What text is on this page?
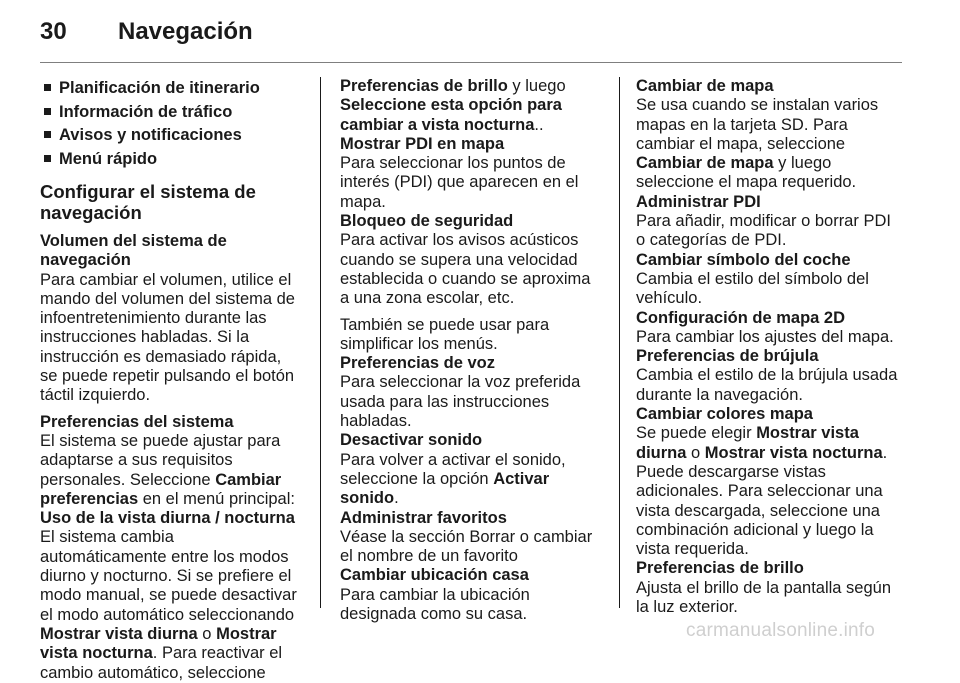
30 Navegación
Planificación de itinerario
Información de tráfico
Avisos y notificaciones
Menú rápido
Configurar el sistema de navegación
Volumen del sistema de navegación
Para cambiar el volumen, utilice el mando del volumen del sistema de infoentretenimiento durante las instrucciones habladas. Si la instrucción es demasiado rápida, se puede repetir pulsando el botón táctil izquierdo.
Preferencias del sistema
El sistema se puede ajustar para adaptarse a sus requisitos personales. Seleccione Cambiar preferencias en el menú principal:
Uso de la vista diurna / nocturna
El sistema cambia automáticamente entre los modos diurno y nocturno. Si se prefiere el modo manual, se puede desactivar el modo automático seleccionando Mostrar vista diurna o Mostrar vista nocturna. Para reactivar el cambio automático, seleccione
Preferencias de brillo y luego Seleccione esta opción para cambiar a vista nocturna..
Mostrar PDI en mapa
Para seleccionar los puntos de interés (PDI) que aparecen en el mapa.
Bloqueo de seguridad
Para activar los avisos acústicos cuando se supera una velocidad establecida o cuando se aproxima a una zona escolar, etc.
También se puede usar para simplificar los menús.
Preferencias de voz
Para seleccionar la voz preferida usada para las instrucciones habladas.
Desactivar sonido
Para volver a activar el sonido, seleccione la opción Activar sonido.
Administrar favoritos
Véase la sección Borrar o cambiar el nombre de un favorito
Cambiar ubicación casa
Para cambiar la ubicación designada como su casa.
Cambiar de mapa
Se usa cuando se instalan varios mapas en la tarjeta SD. Para cambiar el mapa, seleccione Cambiar de mapa y luego seleccione el mapa requerido.
Administrar PDI
Para añadir, modificar o borrar PDI o categorías de PDI.
Cambiar símbolo del coche
Cambia el estilo del símbolo del vehículo.
Configuración de mapa 2D
Para cambiar los ajustes del mapa.
Preferencias de brújula
Cambia el estilo de la brújula usada durante la navegación.
Cambiar colores mapa
Se puede elegir Mostrar vista diurna o Mostrar vista nocturna. Puede descargarse vistas adicionales. Para seleccionar una vista descargada, seleccione una combinación adicional y luego la vista requerida.
Preferencias de brillo
Ajusta el brillo de la pantalla según la luz exterior.
carmanualsonline.info
